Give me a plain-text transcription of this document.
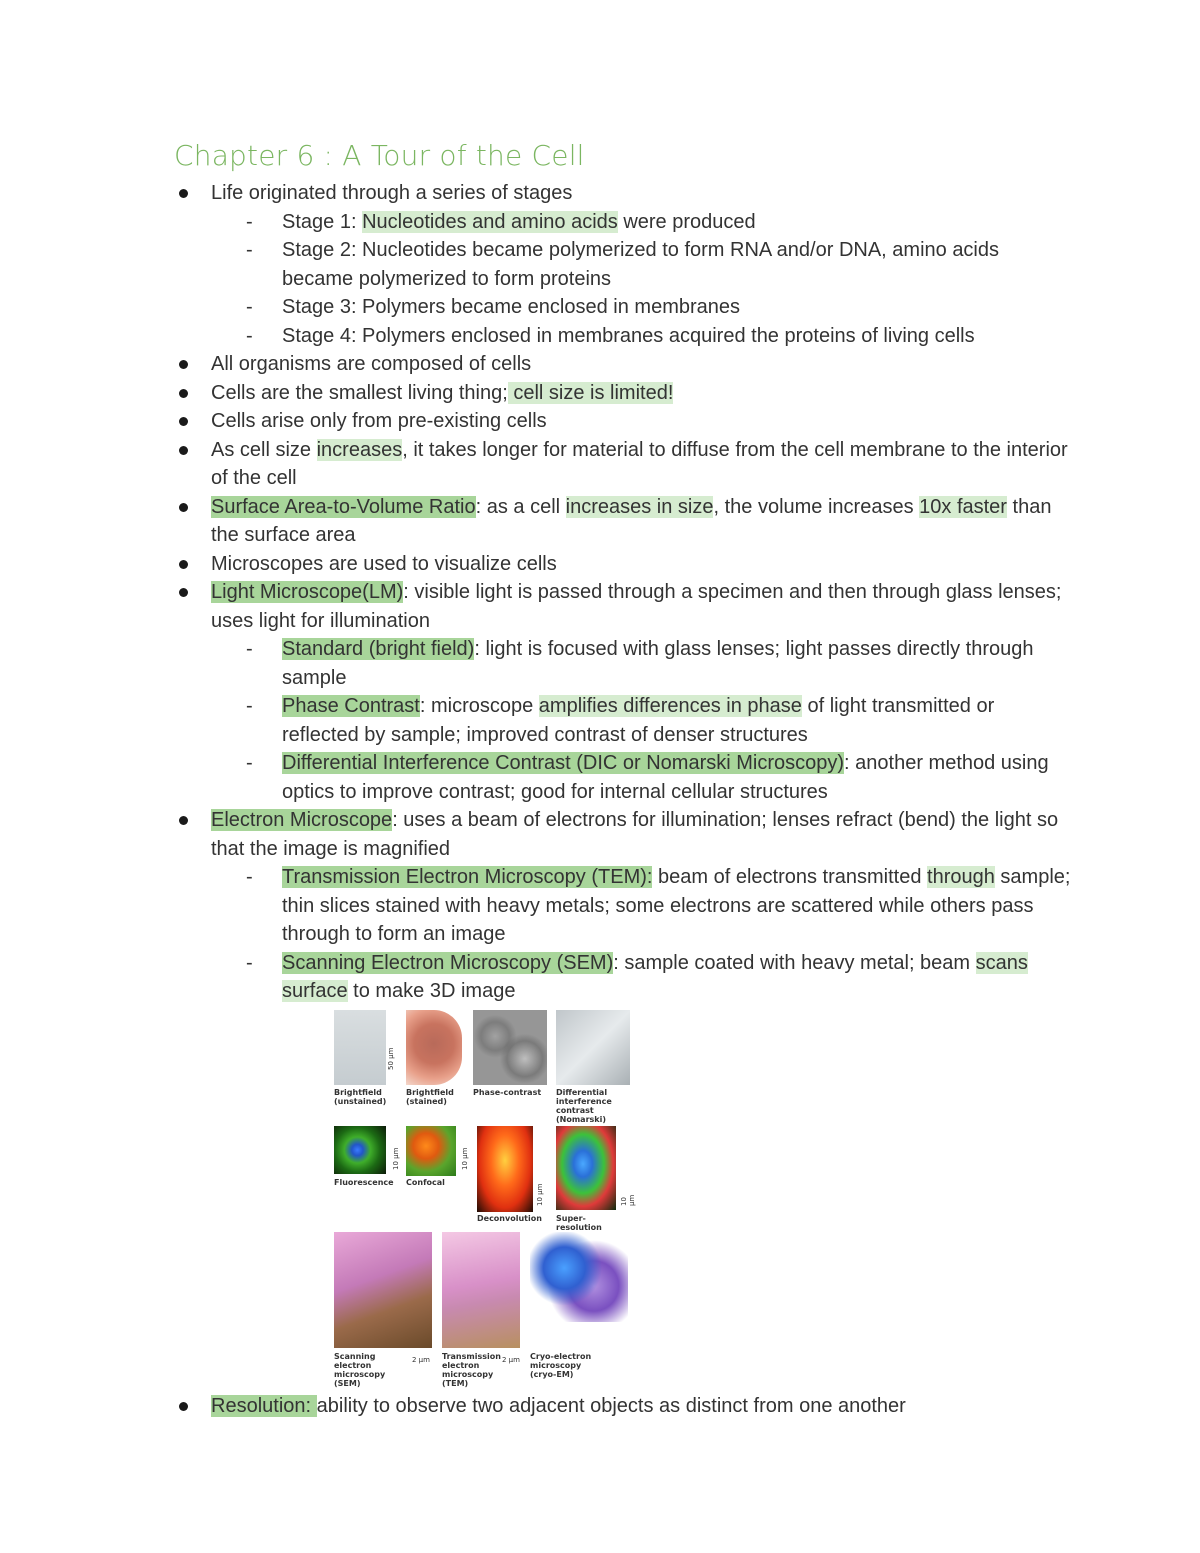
Chapter 6 : A Tour of the Cell
Life originated through a series of stages
- Stage 1: Nucleotides and amino acids were produced
- Stage 2: Nucleotides became polymerized to form RNA and/or DNA, amino acids became polymerized to form proteins
- Stage 3: Polymers became enclosed in membranes
- Stage 4: Polymers enclosed in membranes acquired the proteins of living cells
All organisms are composed of cells
Cells are the smallest living thing; cell size is limited!
Cells arise only from pre-existing cells
As cell size increases, it takes longer for material to diffuse from the cell membrane to the interior of the cell
Surface Area-to-Volume Ratio: as a cell increases in size, the volume increases 10x faster than the surface area
Microscopes are used to visualize cells
Light Microscope(LM): visible light is passed through a specimen and then through glass lenses; uses light for illumination
- Standard (bright field): light is focused with glass lenses; light passes directly through sample
- Phase Contrast: microscope amplifies differences in phase of light transmitted or reflected by sample; improved contrast of denser structures
- Differential Interference Contrast (DIC or Nomarski Microscopy): another method using optics to improve contrast; good for internal cellular structures
Electron Microscope: uses a beam of electrons for illumination; lenses refract (bend) the light so that the image is magnified
- Transmission Electron Microscopy (TEM): beam of electrons transmitted through sample; thin slices stained with heavy metals; some electrons are scattered while others pass through to form an image
- Scanning Electron Microscopy (SEM): sample coated with heavy metal; beam scans surface to make 3D image
50 µm
Brightfield (unstained)
Brightfield (stained)
Phase-contrast	Differential interference contrast (Nomarski)
10 µm	10 µm
10 µm	10 µm
Fluorescence Confocal
Deconvolution	Super-resolution
Scanning electron microscopy (SEM)
2 µm Transmission electron microscopy (TEM)
2 µm Cryo-electron microscopy (cryo-EM)
Resolution: ability to observe two adjacent objects as distinct from one another
